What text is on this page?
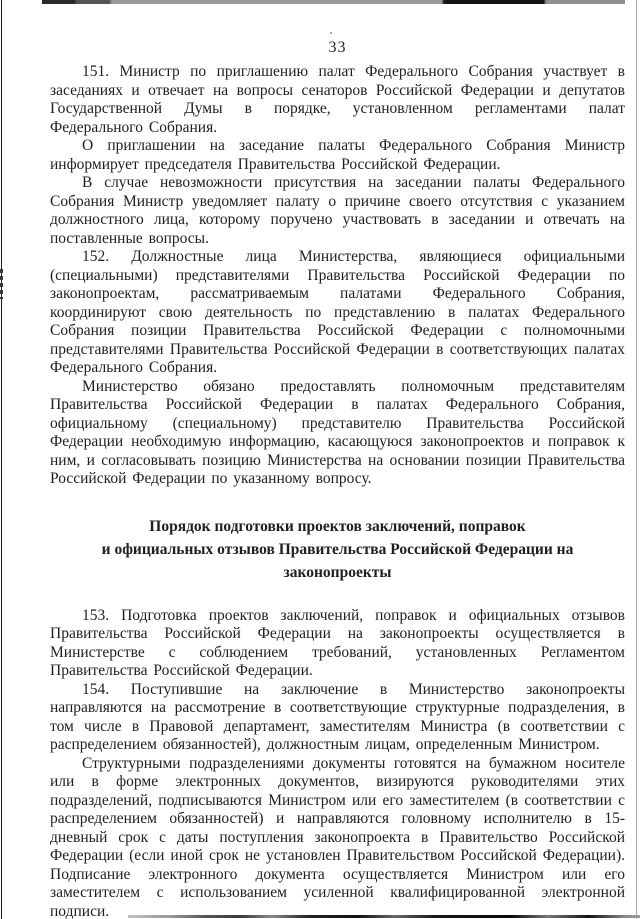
33

151. Министр по приглашению палат Федерального Собрания участвует в заседаниях и отвечает на вопросы сенаторов Российской Федерации и депутатов Государственной Думы в порядке, установленном регламентами палат Федерального Собрания.

О приглашении на заседание палаты Федерального Собрания Министр информирует председателя Правительства Российской Федерации.

В случае невозможности присутствия на заседании палаты Федерального Собрания Министр уведомляет палату о причине своего отсутствия с указанием должностного лица, которому поручено участвовать в заседании и отвечать на поставленные вопросы.

152. Должностные лица Министерства, являющиеся официальными (специальными) представителями Правительства Российской Федерации по законопроектам, рассматриваемым палатами Федерального Собрания, координируют свою деятельность по представлению в палатах Федерального Собрания позиции Правительства Российской Федерации с полномочными представителями Правительства Российской Федерации в соответствующих палатах Федерального Собрания.

Министерство обязано предоставлять полномочным представителям Правительства Российской Федерации в палатах Федерального Собрания, официальному (специальному) представителю Правительства Российской Федерации необходимую информацию, касающуюся законопроектов и поправок к ним, и согласовывать позицию Министерства на основании позиции Правительства Российской Федерации по указанному вопросу.

Порядок подготовки проектов заключений, поправок
и официальных отзывов Правительства Российской Федерации на
законопроекты

153. Подготовка проектов заключений, поправок и официальных отзывов Правительства Российской Федерации на законопроекты осуществляется в Министерстве с соблюдением требований, установленных Регламентом Правительства Российской Федерации.

154. Поступившие на заключение в Министерство законопроекты направляются на рассмотрение в соответствующие структурные подразделения, в том числе в Правовой департамент, заместителям Министра (в соответствии с распределением обязанностей), должностным лицам, определенным Министром.

Структурными подразделениями документы готовятся на бумажном носителе или в форме электронных документов, визируются руководителями этих подразделений, подписываются Министром или его заместителем (в соответствии с распределением обязанностей) и направляются головному исполнителю в 15-дневный срок с даты поступления законопроекта в Правительство Российской Федерации (если иной срок не установлен Правительством Российской Федерации). Подписание электронного документа осуществляется Министром или его заместителем с использованием усиленной квалифицированной электронной подписи.
